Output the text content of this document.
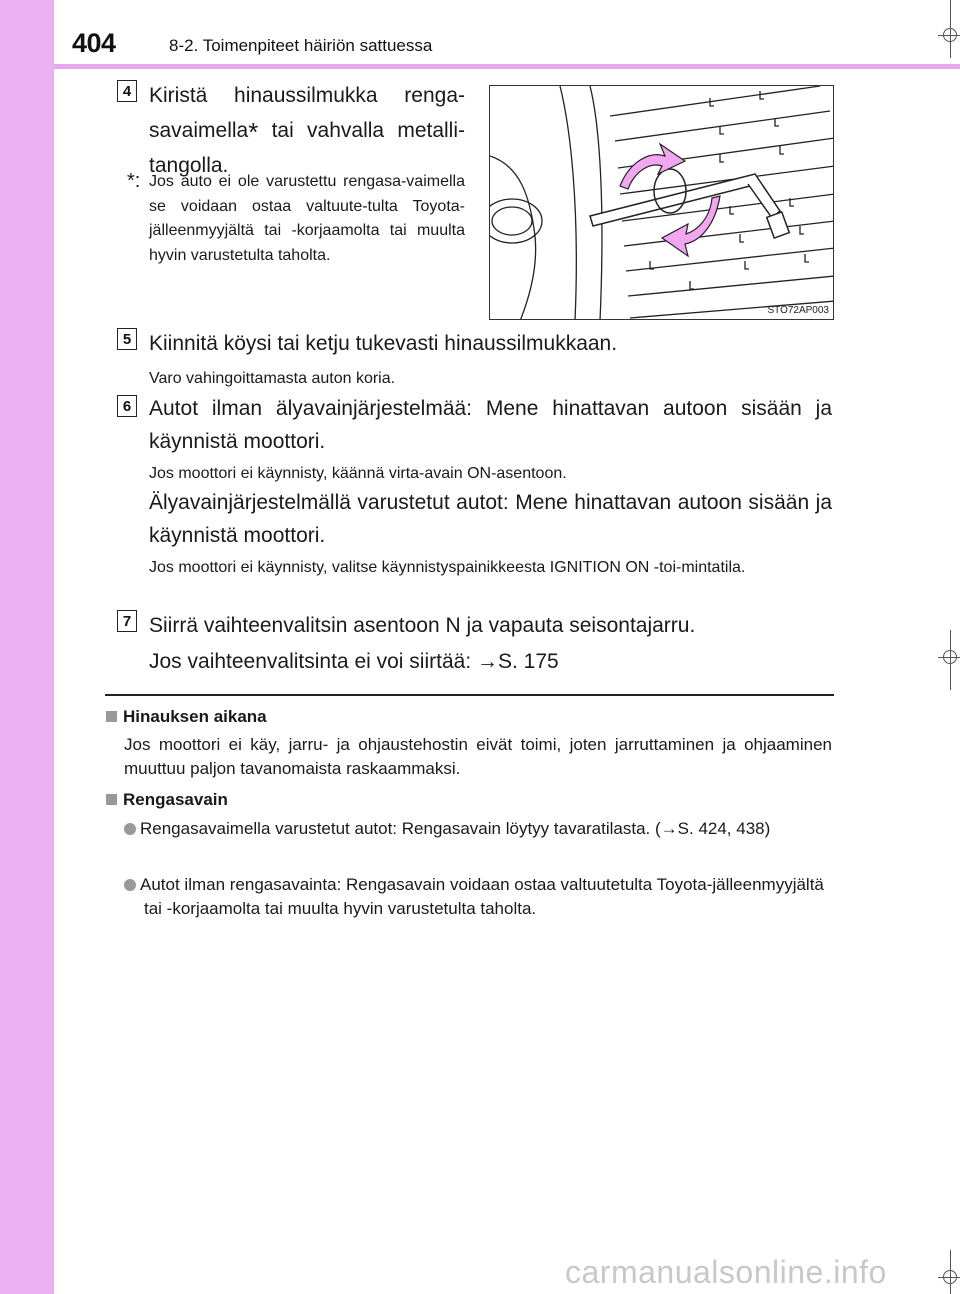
404	8-2. Toimenpiteet häiriön sattuessa
4 Kiristä hinaussilmukka renga-
savaimella* tai vahvalla metalli-
tangolla.
*: Jos auto ei ole varustettu rengasa-vaimella se voidaan ostaa valtuute-tulta Toyota-jälleenmyyjältä tai -korjaamolta tai muulta hyvin varustetulta taholta.
STO72AP003
5 Kiinnitä köysi tai ketju tukevasti hinaussilmukkaan.
Varo vahingoittamasta auton koria.
6 Autot ilman älyavainjärjestelmää: Mene hinattavan autoon sisään ja käynnistä moottori.
Jos moottori ei käynnisty, käännä virta-avain ON-asentoon.
Älyavainjärjestelmällä varustetut autot: Mene hinattavan autoon sisään ja käynnistä moottori.
Jos moottori ei käynnisty, valitse käynnistyspainikkeesta IGNITION ON -toi-mintatila.
7 Siirrä vaihteenvalitsin asentoon N ja vapauta seisontajarru.
Jos vaihteenvalitsinta ei voi siirtää: →S. 175
Hinauksen aikana
Jos moottori ei käy, jarru- ja ohjaustehostin eivät toimi, joten jarruttaminen ja ohjaaminen muuttuu paljon tavanomaista raskaammaksi.
Rengasavain
Rengasavaimella varustetut autot: Rengasavain löytyy tavaratilasta. (→S. 424, 438)
Autot ilman rengasavainta: Rengasavain voidaan ostaa valtuutetulta Toyota-jälleenmyyjältä tai -korjaamolta tai muulta hyvin varustetulta taholta.
carmanualsonline.info
